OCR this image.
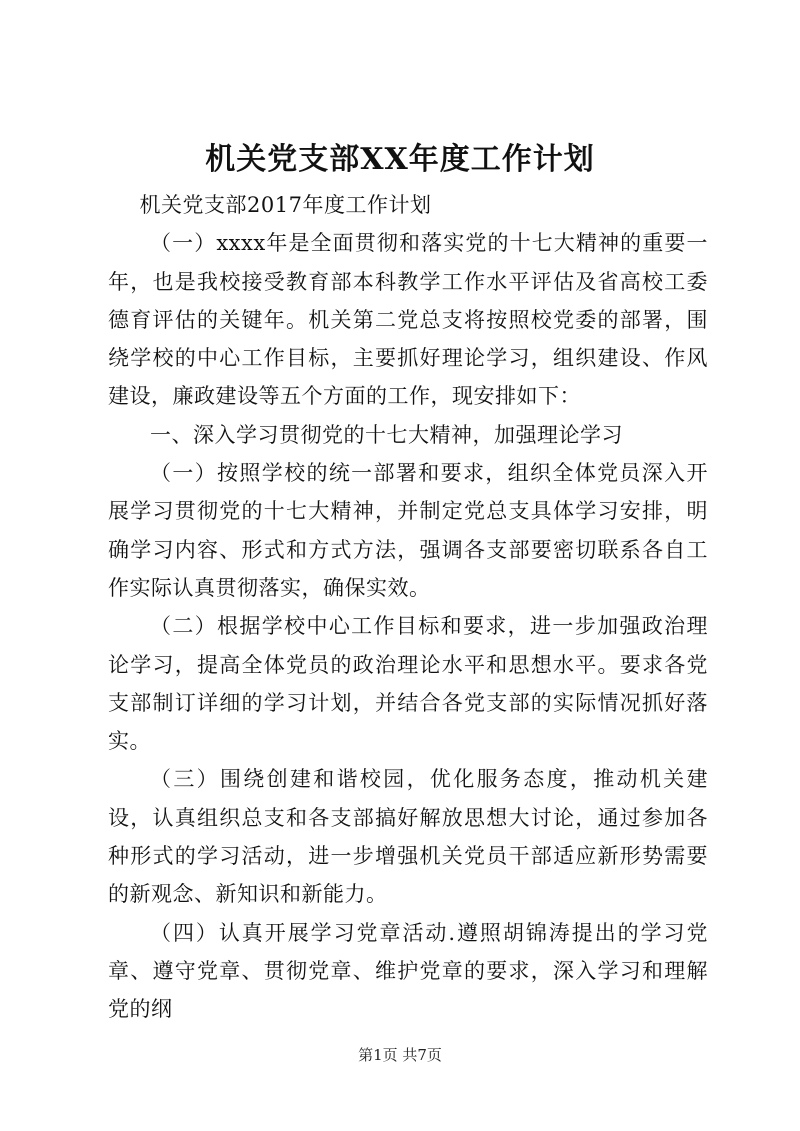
机关党支部XX年度工作计划

机关党支部2017年度工作计划

（一）xxxx年是全面贯彻和落实党的十七大精神的重要一年，也是我校接受教育部本科教学工作水平评估及省高校工委德育评估的关键年。机关第二党总支将按照校党委的部署，围绕学校的中心工作目标，主要抓好理论学习，组织建设、作风建设，廉政建设等五个方面的工作，现安排如下：

一、深入学习贯彻党的十七大精神，加强理论学习

（一）按照学校的统一部署和要求，组织全体党员深入开展学习贯彻党的十七大精神，并制定党总支具体学习安排，明确学习内容、形式和方式方法，强调各支部要密切联系各自工作实际认真贯彻落实，确保实效。

（二）根据学校中心工作目标和要求，进一步加强政治理论学习，提高全体党员的政治理论水平和思想水平。要求各党支部制订详细的学习计划，并结合各党支部的实际情况抓好落实。

（三）围绕创建和谐校园，优化服务态度，推动机关建设，认真组织总支和各支部搞好解放思想大讨论，通过参加各种形式的学习活动，进一步增强机关党员干部适应新形势需要的新观念、新知识和新能力。

（四）认真开展学习党章活动.遵照胡锦涛提出的学习党章、遵守党章、贯彻党章、维护党章的要求，深入学习和理解党的纲

第1页 共7页
